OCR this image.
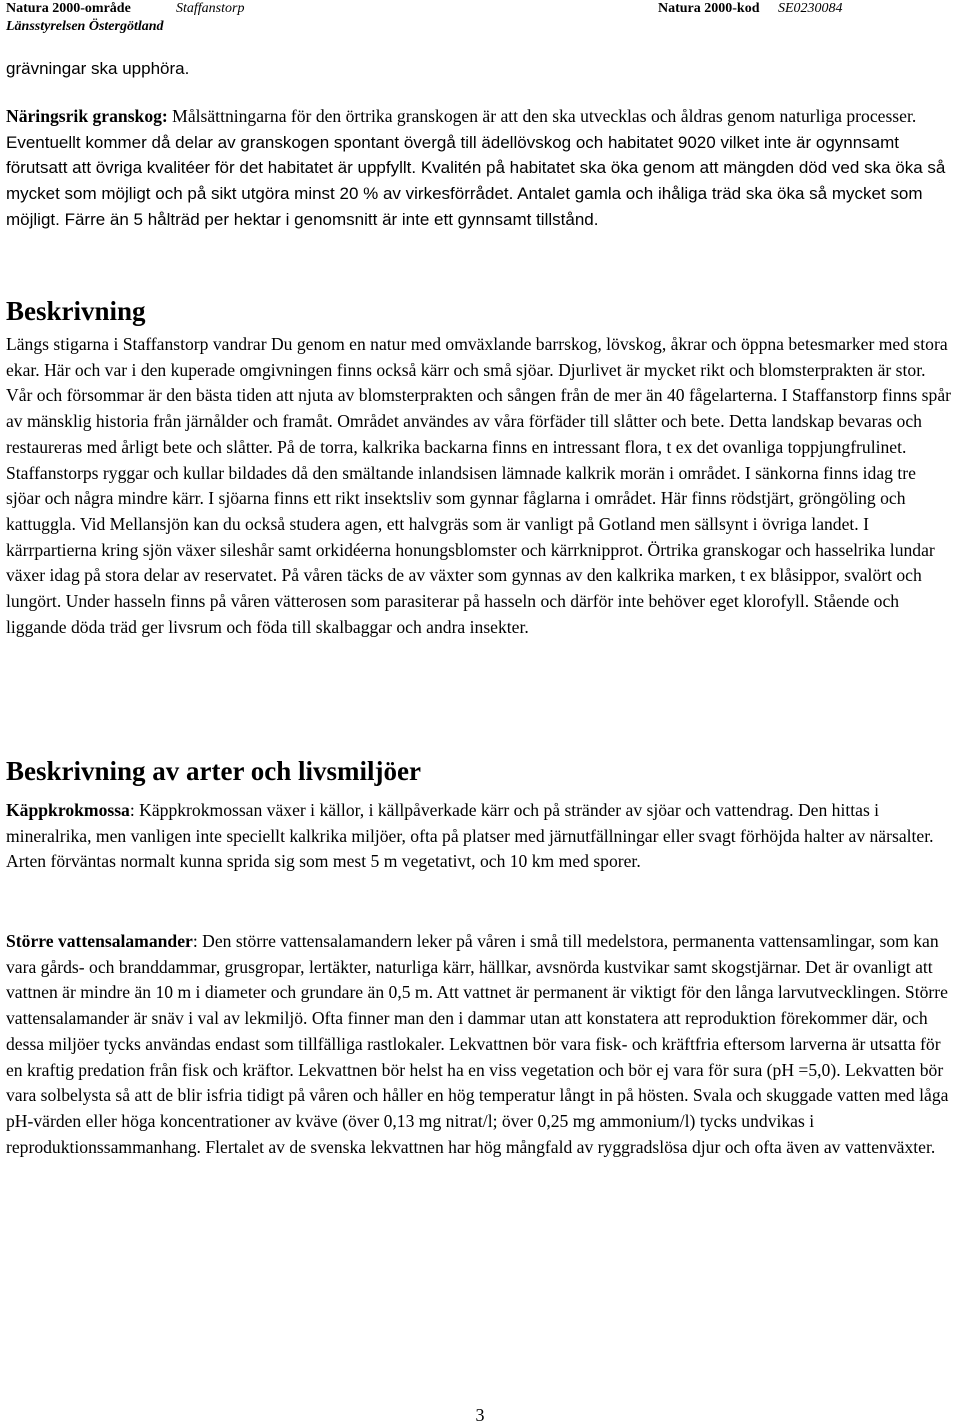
Natura 2000-område	Staffanstorp	Natura 2000-kod SE0230084
Länsstyrelsen Östergötland

grävningar ska upphöra.

Näringsrik granskog: Målsättningarna för den örtrika granskogen är att den ska utvecklas och åldras genom naturliga processer. Eventuellt kommer då delar av granskogen spontant övergå till ädellövskog och habitatet 9020 vilket inte är ogynnsamt förutsatt att övriga kvalitéer för det habitatet är uppfyllt. Kvalitén på habitatet ska öka genom att mängden död ved ska öka så mycket som möjligt och på sikt utgöra minst 20 % av virkesförrådet. Antalet gamla och ihåliga träd ska öka så mycket som möjligt. Färre än 5 hålträd per hektar i genomsnitt är inte ett gynnsamt tillstånd.

Beskrivning

Längs stigarna i Staffanstorp vandrar Du genom en natur med omväxlande barrskog, lövskog, åkrar och öppna betesmarker med stora ekar. Här och var i den kuperade omgivningen finns också kärr och små sjöar. Djurlivet är mycket rikt och blomsterprakten är stor. Vår och försommar är den bästa tiden att njuta av blomsterprakten och sången från de mer än 40 fågelarterna. I Staffanstorp finns spår av mänsklig historia från järnålder och framåt. Området användes av våra förfäder till slåtter och bete. Detta landskap bevaras och restaureras med årligt bete och slåtter. På de torra, kalkrika backarna finns en intressant flora, t ex det ovanliga toppjungfrulinet. Staffanstorps ryggar och kullar bildades då den smältande inlandsisen lämnade kalkrik morän i området. I sänkorna finns idag tre sjöar och några mindre kärr. I sjöarna finns ett rikt insektsliv som gynnar fåglarna i området. Här finns rödstjärt, gröngöling och kattuggla. Vid Mellansjön kan du också studera agen, ett halvgräs som är vanligt på Gotland men sällsynt i övriga landet. I kärrpartierna kring sjön växer sileshår samt orkidéerna honungsblomster och kärrknipprot. Örtrika granskogar och hasselrika lundar växer idag på stora delar av reservatet. På våren täcks de av växter som gynnas av den kalkrika marken, t ex blåsippor, svalört och lungört. Under hasseln finns på våren vätterosen som parasiterar på hasseln och därför inte behöver eget klorofyll. Stående och liggande döda träd ger livsrum och föda till skalbaggar och andra insekter.

Beskrivning av arter och livsmiljöer

Käppkrokmossa: Käppkrokmossan växer i källor, i källpåverkade kärr och på stränder av sjöar och vattendrag. Den hittas i mineralrika, men vanligen inte speciellt kalkrika miljöer, ofta på platser med järnutfällningar eller svagt förhöjda halter av närsalter. Arten förväntas normalt kunna sprida sig som mest 5 m vegetativt, och 10 km med sporer.

Större vattensalamander: Den större vattensalamandern leker på våren i små till medelstora, permanenta vattensamlingar, som kan vara gårds- och branddammar, grusgropar, lertäkter, naturliga kärr, hällkar, avsnörda kustvikar samt skogstjärnar. Det är ovanligt att vattnen är mindre än 10 m i diameter och grundare än 0,5 m. Att vattnet är permanent är viktigt för den långa larvutvecklingen. Större vattensalamander är snäv i val av lekmiljö. Ofta finner man den i dammar utan att konstatera att reproduktion förekommer där, och dessa miljöer tycks användas endast som tillfälliga rastlokaler. Lekvattnen bör vara fisk- och kräftfria eftersom larverna är utsatta för en kraftig predation från fisk och kräftor. Lekvattnen bör helst ha en viss vegetation och bör ej vara för sura (pH =5,0). Lekvatten bör vara solbelysta så att de blir isfria tidigt på våren och håller en hög temperatur långt in på hösten. Svala och skuggade vatten med låga pH-värden eller höga koncentrationer av kväve (över 0,13 mg nitrat/l; över 0,25 mg ammonium/l) tycks undvikas i reproduktionssammanhang. Flertalet av de svenska lekvattnen har hög mångfald av ryggradslösa djur och ofta även av vattenväxter.

3
